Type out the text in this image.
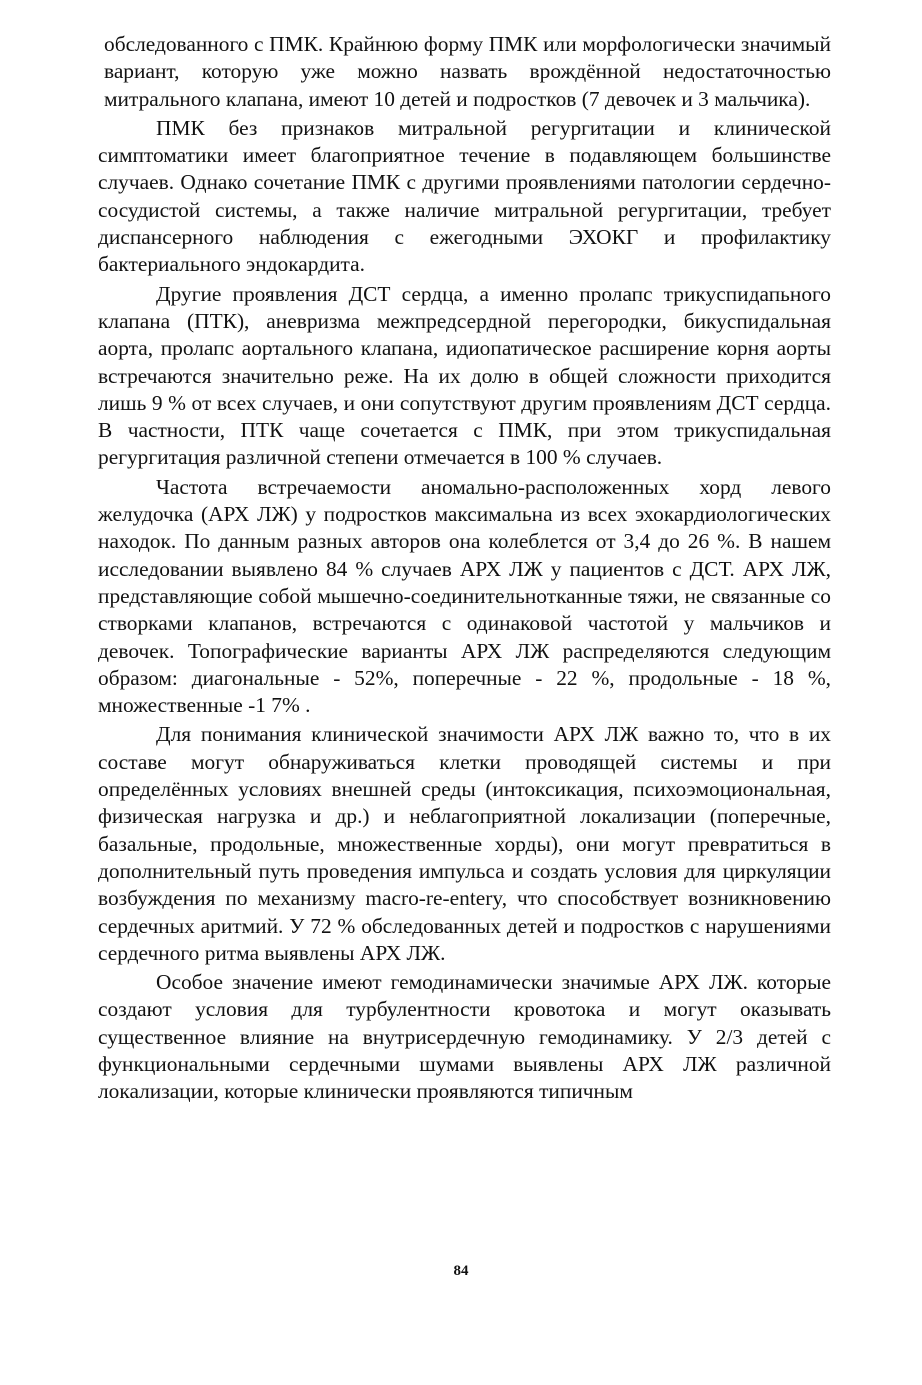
обследованного с ПМК. Крайнюю форму ПМК или морфологически значимый вариант, которую уже можно назвать врождённой недостаточностью митрального клапана, имеют 10 детей и подростков (7 девочек и 3 мальчика).

ПМК без признаков митральной регургитации и клинической симптоматики имеет благоприятное течение в подавляющем большинстве случаев. Однако сочетание ПМК с другими проявлениями патологии сердечно-сосудистой системы, а также наличие митральной регургитации, требует диспансерного наблюдения с ежегодными ЭХОКГ и профилактику бактериального эндокардита.

Другие проявления ДСТ сердца, а именно пролапс трикуспидапьного клапана (ПТК), аневризма межпредсердной перегородки, бикуспидальная аорта, пролапс аортального клапана, идиопатическое расширение корня аорты встречаются значительно реже. На их долю в общей сложности приходится лишь 9 % от всех случаев, и они сопутствуют другим проявлениям ДСТ сердца. В частности, ПТК чаще сочетается с ПМК, при этом трикуспидальная регургитация различной степени отмечается в 100 % случаев.

Частота встречаемости аномально-расположенных хорд левого желудочка (АРХ ЛЖ) у подростков максимальна из всех эхокардиологических находок. По данным разных авторов она колеблется от 3,4 до 26 %. В нашем исследовании выявлено 84 % случаев АРХ ЛЖ у пациентов с ДСТ. АРХ ЛЖ, представляющие собой мышечно-соединительнотканные тяжи, не связанные со створками клапанов, встречаются с одинаковой частотой у мальчиков и девочек. Топографические варианты АРХ ЛЖ распределяются следующим образом: диагональные - 52%, поперечные - 22 %, продольные - 18 %, множественные -1 7% .

Для понимания клинической значимости АРХ ЛЖ важно то, что в их составе могут обнаруживаться клетки проводящей системы и при определённых условиях внешней среды (интоксикация, психоэмоциональная, физическая нагрузка и др.) и неблагоприятной локализации (поперечные, базальные, продольные, множественные хорды), они могут превратиться в дополнительный путь проведения импульса и создать условия для циркуляции возбуждения по механизму macro-re-entery, что способствует возникновению сердечных аритмий. У 72 % обследованных детей и подростков с нарушениями сердечного ритма выявлены АРХ ЛЖ.

Особое значение имеют гемодинамически значимые АРХ ЛЖ. которые создают условия для турбулентности кровотока и могут оказывать существенное влияние на внутрисердечную гемодинамику. У 2/3 детей с функциональными сердечными шумами выявлены АРХ ЛЖ различной локализации, которые клинически проявляются типичным

84
